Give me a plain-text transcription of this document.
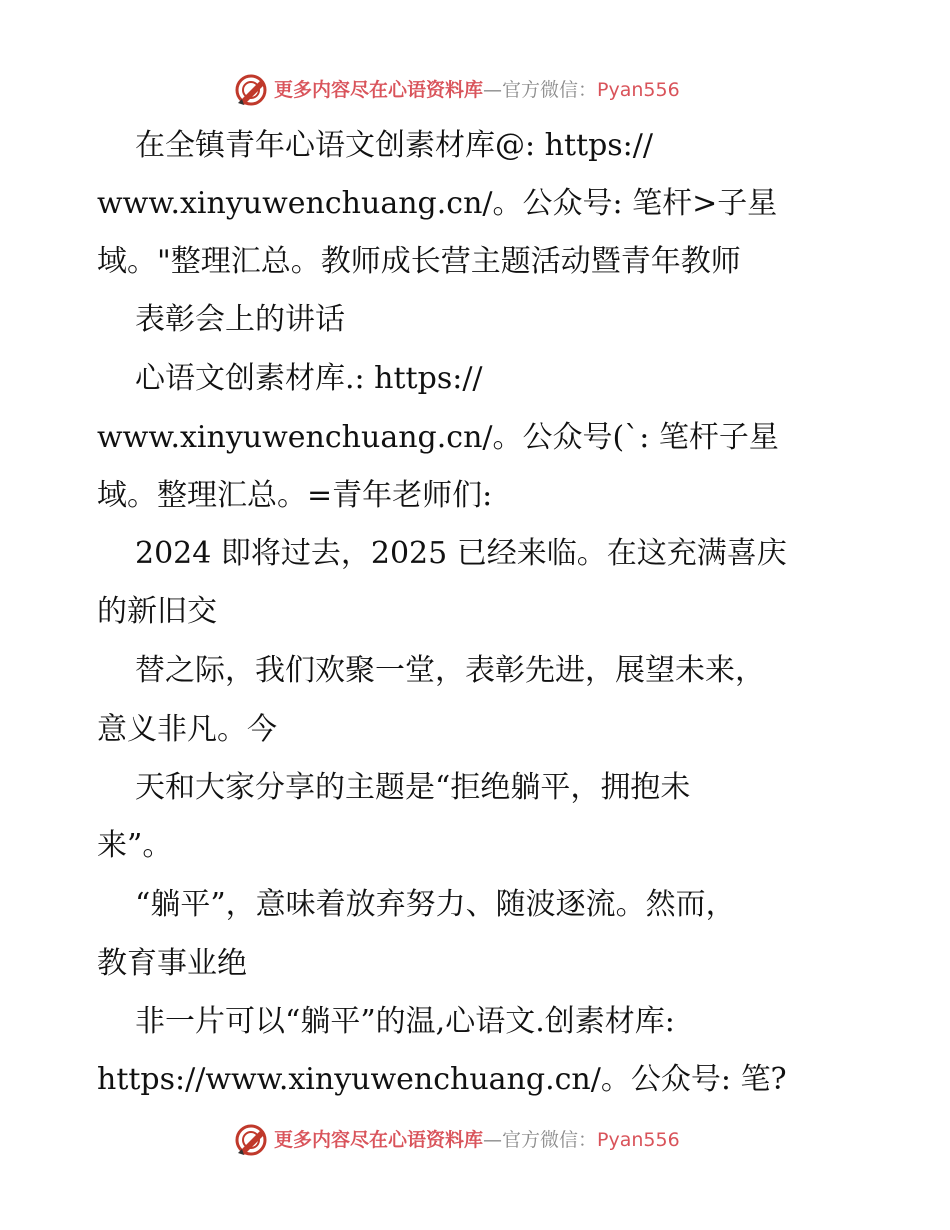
更多内容尽在心语资料库—官方微信：Pyan556
在全镇青年心语文创素材库@: https://
www.xinyuwenchuang.cn/。公众号: 笔杆>子星
域。"整理汇总。教师成长营主题活动暨青年教师
表彰会上的讲话
心语文创素材库.: https://
www.xinyuwenchuang.cn/。公众号(`: 笔杆子星
域。整理汇总。=青年老师们:
2024 即将过去，2025 已经来临。在这充满喜庆
的新旧交
替之际，我们欢聚一堂，表彰先进，展望未来，
意义非凡。今
天和大家分享的主题是“拒绝躺平，拥抱未
来”。
“躺平”，意味着放弃努力、随波逐流。然而，
教育事业绝
非一片可以“躺平”的温,心语文.创素材库:
https://www.xinyuwenchuang.cn/。公众号: 笔?
更多内容尽在心语资料库—官方微信：Pyan556
